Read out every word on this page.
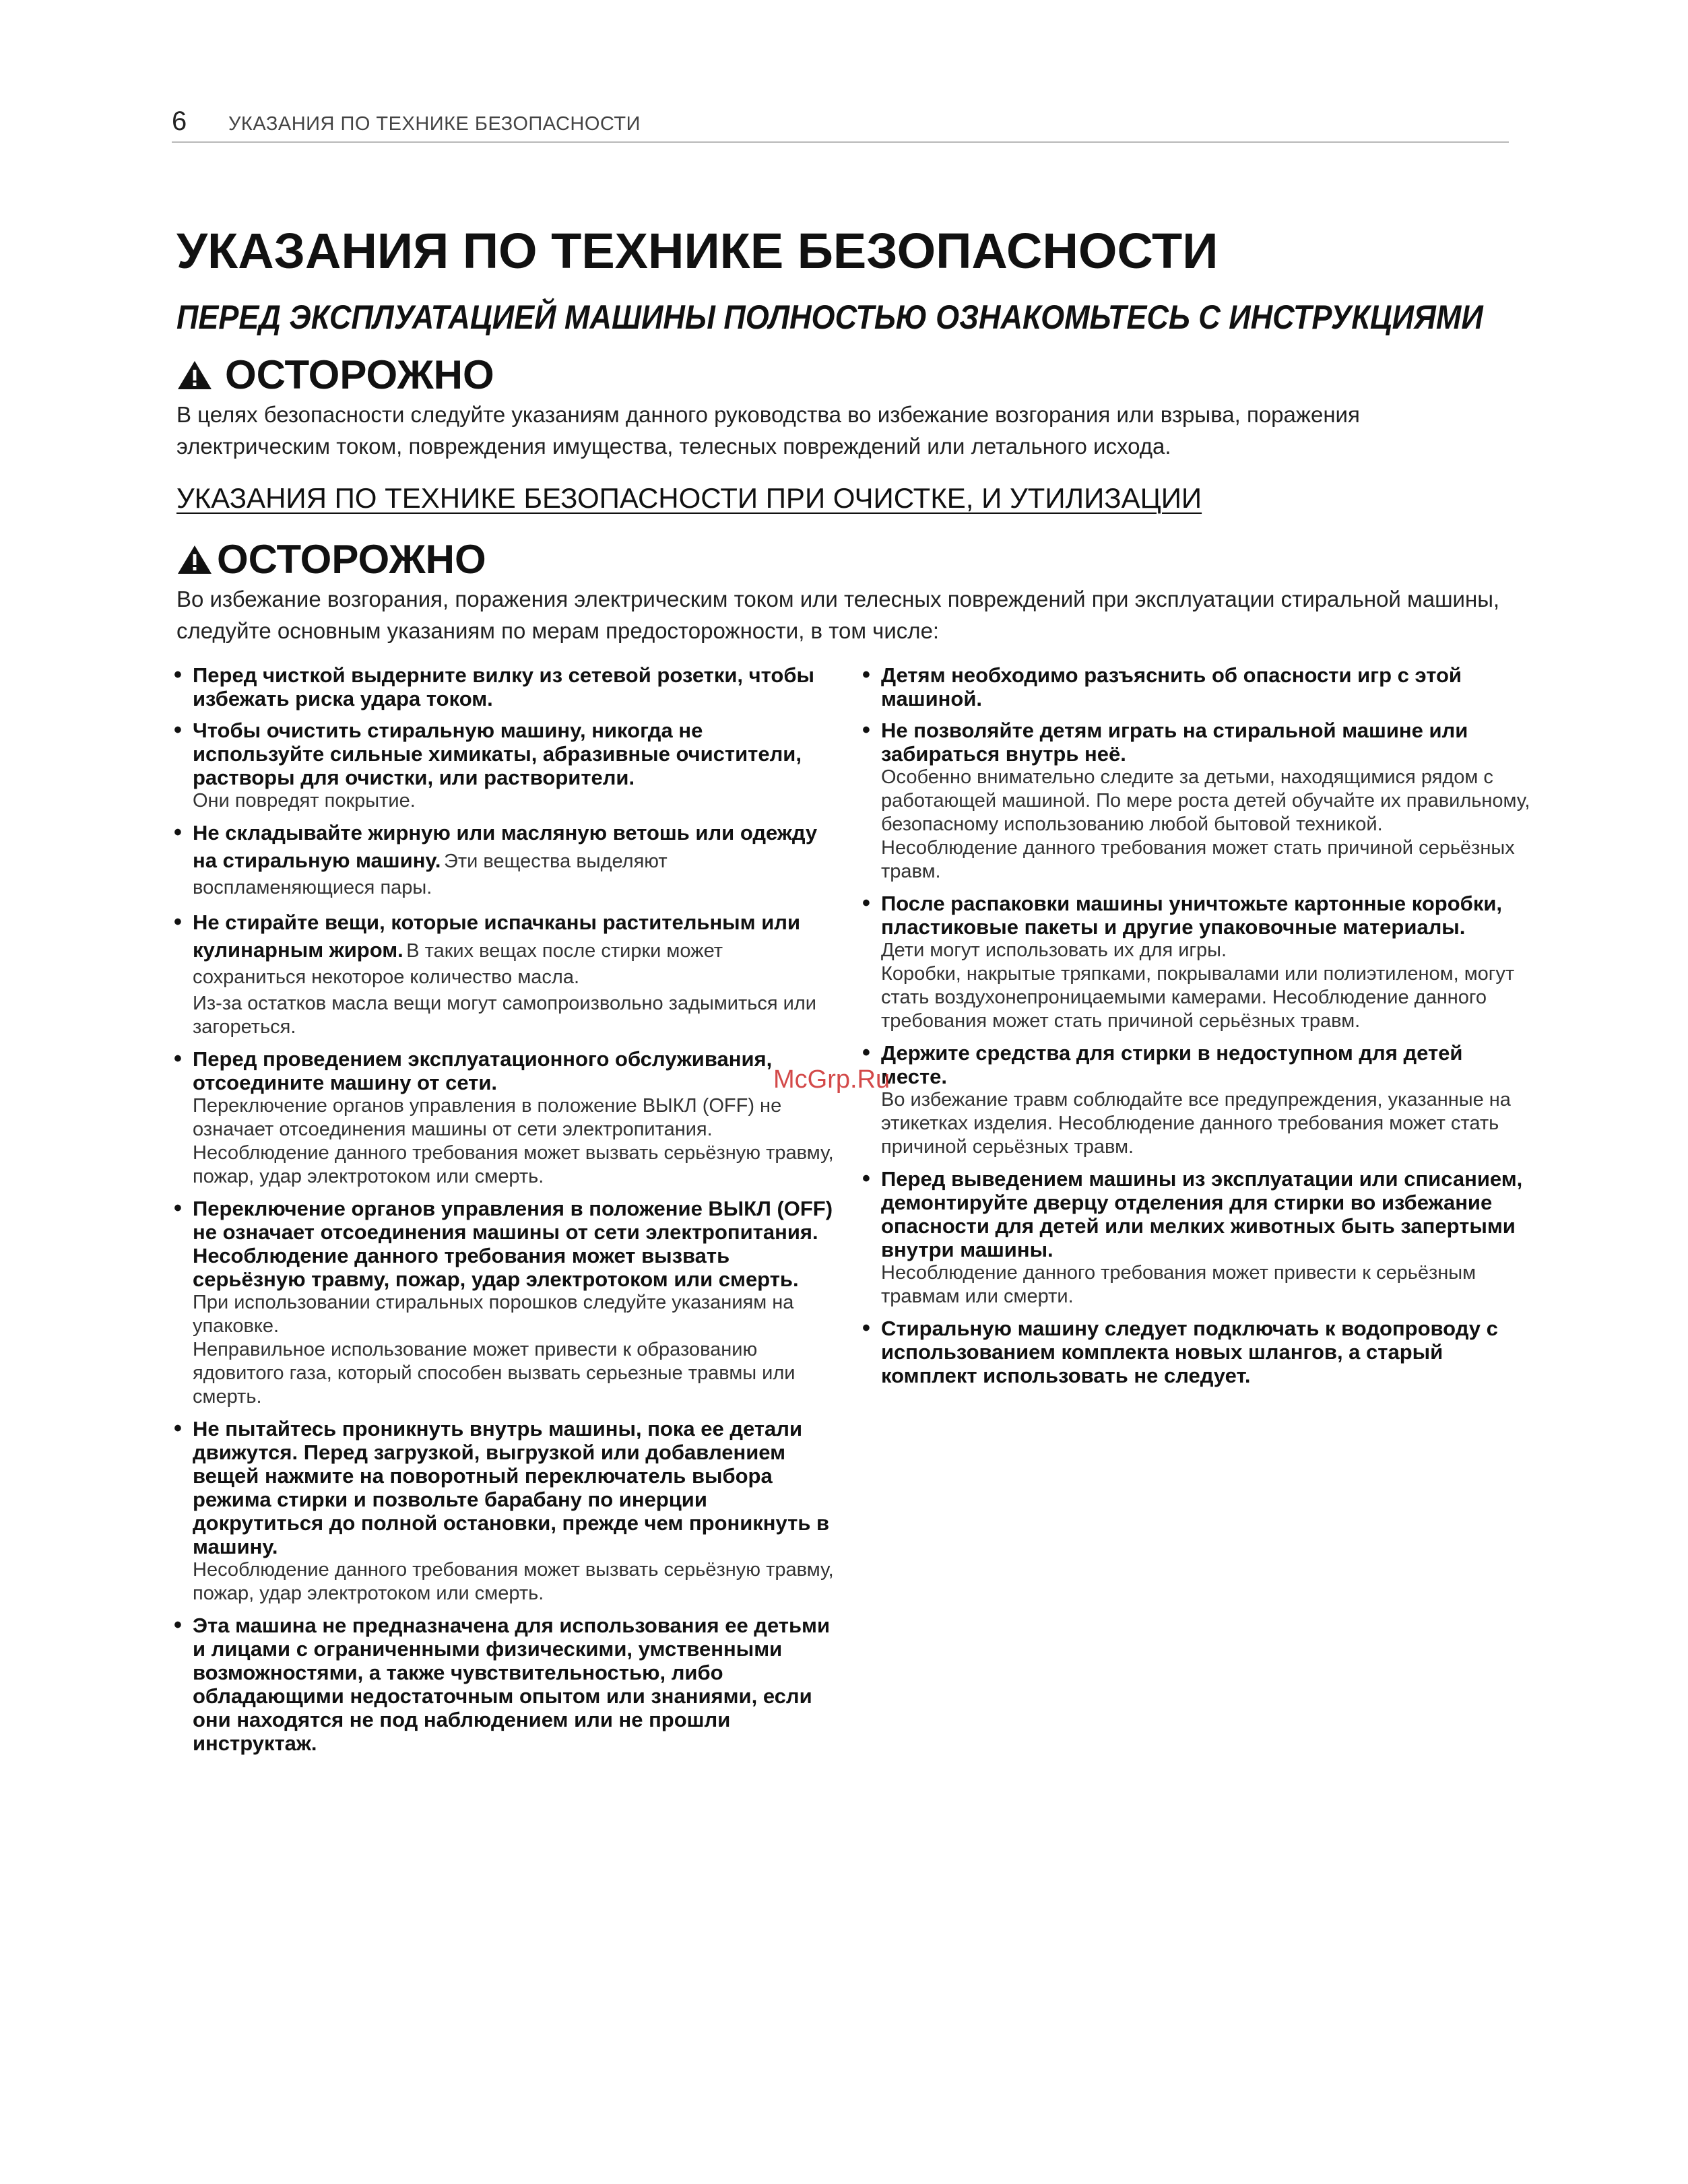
6 УКАЗАНИЯ ПО ТЕХНИКЕ БЕЗОПАСНОСТИ
УКАЗАНИЯ ПО ТЕХНИКЕ БЕЗОПАСНОСТИ
ПЕРЕД ЭКСПЛУАТАЦИЕЙ МАШИНЫ ПОЛНОСТЬЮ ОЗНАКОМЬТЕСЬ С ИНСТРУКЦИЯМИ
ОСТОРОЖНО

В целях безопасности следуйте указаниям данного руководства во избежание возгорания или взрыва, поражения электрическим током, повреждения имущества, телесных повреждений или летального исхода.

УКАЗАНИЯ ПО ТЕХНИКЕ БЕЗОПАСНОСТИ ПРИ ОЧИСТКЕ, И УТИЛИЗАЦИИ
ОСТОРОЖНО

Во избежание возгорания, поражения электрическим током или телесных повреждений при эксплуатации стиральной машины, следуйте основным указаниям по мерам предосторожности, в том числе:

• Перед чисткой выдерните вилку из сетевой розетки, чтобы избежать риска удара током.
• Чтобы очистить стиральную машину, никогда не используйте сильные химикаты, абразивные очистители, растворы для очистки, или растворители.
Они повредят покрытие.
• Не складывайте жирную или масляную ветошь или одежду на стиральную машину. Эти вещества выделяют воспламеняющиеся пары.
• Не стирайте вещи, которые испачканы растительным или кулинарным жиром. В таких вещах после стирки может сохраниться некоторое количество масла.
Из-за остатков масла вещи могут самопроизвольно задымиться или загореться.
• Перед проведением эксплуатационного обслуживания, отсоедините машину от сети.
Переключение органов управления в положение ВЫКЛ (OFF) не означает отсоединения машины от сети электропитания.
Несоблюдение данного требования может вызвать серьёзную травму, пожар, удар электротоком или смерть.
• Переключение органов управления в положение ВЫКЛ (OFF) не означает отсоединения машины от сети электропитания. Несоблюдение данного требования может вызвать серьёзную травму, пожар, удар электротоком или смерть.
При использовании стиральных порошков следуйте указаниям на упаковке.
Неправильное использование может привести к образованию ядовитого газа, который способен вызвать серьезные травмы или смерть.
• Не пытайтесь проникнуть внутрь машины, пока ее детали движутся. Перед загрузкой, выгрузкой или добавлением вещей нажмите на поворотный переключатель выбора режима стирки и позвольте барабану по инерции докрутиться до полной остановки, прежде чем проникнуть в машину.
Несоблюдение данного требования может вызвать серьёзную травму, пожар, удар электротоком или смерть.
• Эта машина не предназначена для использования ее детьми и лицами с ограниченными физическими, умственными возможностями, а также чувствительностью, либо обладающими недостаточным опытом или знаниями, если они находятся не под наблюдением или не прошли инструктаж.
• Детям необходимо разъяснить об опасности игр с этой машиной.
• Не позволяйте детям играть на стиральной машине или забираться внутрь неё.
Особенно внимательно следите за детьми, находящимися рядом с работающей машиной. По мере роста детей обучайте их правильному, безопасному использованию любой бытовой техникой.
Несоблюдение данного требования может стать причиной серьёзных травм.
• После распаковки машины уничтожьте картонные коробки, пластиковые пакеты и другие упаковочные материалы.
Дети могут использовать их для игры.
Коробки, накрытые тряпками, покрывалами или полиэтиленом, могут стать воздухонепроницаемыми камерами. Несоблюдение данного требования может стать причиной серьёзных травм.
• Держите средства для стирки в недоступном для детей месте.
Во избежание травм соблюдайте все предупреждения, указанные на этикетках изделия. Несоблюдение данного требования может стать причиной серьёзных травм.
• Перед выведением машины из эксплуатации или списанием, демонтируйте дверцу отделения для стирки во избежание опасности для детей или мелких животных быть запертыми внутри машины.
Несоблюдение данного требования может привести к серьёзным травмам или смерти.
• Стиральную машину следует подключать к водопроводу с использованием комплекта новых шлангов, а старый комплект использовать не следует.
McGrp.Ru
